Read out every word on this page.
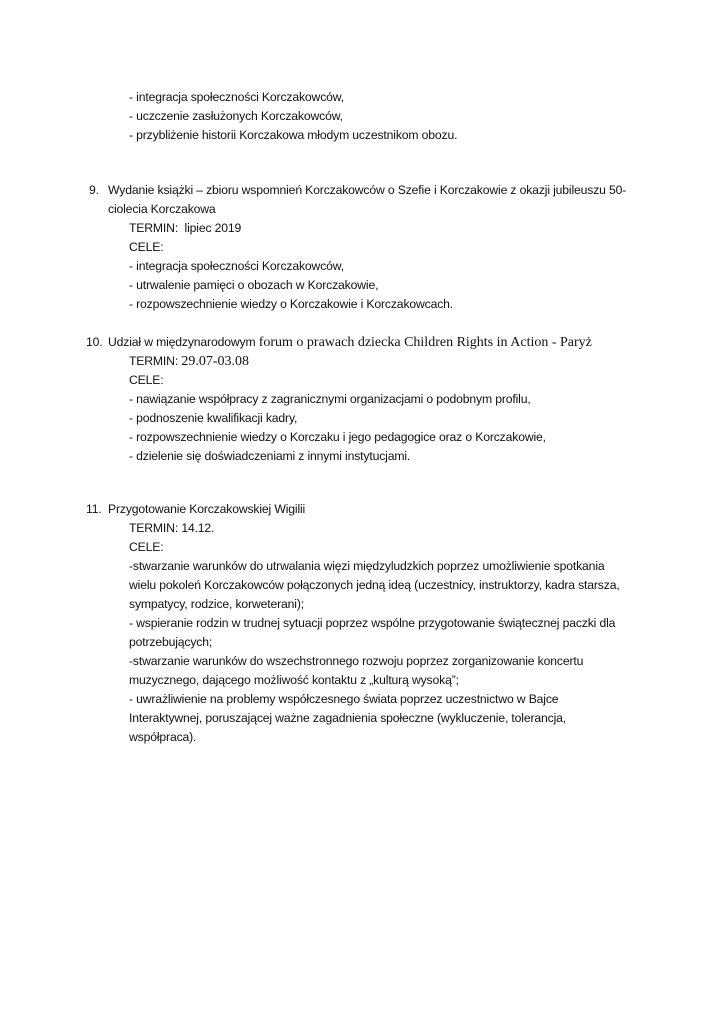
- integracja społeczności Korczakowców,
- uczczenie zasłużonych Korczakowców,
- przybliżenie historii Korczakowa młodym uczestnikom obozu.
9. Wydanie książki – zbioru wspomnień Korczakowców o Szefie i Korczakowie z okazji jubileuszu 50-
ciolecia Korczakowa
TERMIN: lipiec 2019
CELE:
- integracja społeczności Korczakowców,
- utrwalenie pamięci o obozach w Korczakowie,
- rozpowszechnienie wiedzy o Korczakowie i Korczakowcach.
10. Udział w międzynarodowym forum o prawach dziecka Children Rights in Action - Paryż
TERMIN: 29.07-03.08
CELE:
- nawiązanie współpracy z zagranicznymi organizacjami o podobnym profilu,
- podnoszenie kwalifikacji kadry,
- rozpowszechnienie wiedzy o Korczaku i jego pedagogice oraz o Korczakowie,
- dzielenie się doświadczeniami z innymi instytucjami.
11. Przygotowanie Korczakowskiej Wigilii
TERMIN: 14.12.
CELE:
-stwarzanie warunków do utrwalania więzi międzyludzkich poprzez umożliwienie spotkania
wielu pokoleń Korczakowców połączonych jedną ideą (uczestnicy, instruktorzy, kadra starsza,
sympatycy, rodzice, korweterani);
- wspieranie rodzin w trudnej sytuacji poprzez wspólne przygotowanie świątecznej paczki dla
potrzebujących;
-stwarzanie warunków do wszechstronnego rozwoju poprzez zorganizowanie koncertu
muzycznego, dającego możliwość kontaktu z „kulturą wysoką”;
- uwrażliwienie na problemy współczesnego świata poprzez uczestnictwo w Bajce
Interaktywnej, poruszającej ważne zagadnienia społeczne (wykluczenie, tolerancja,
współpraca).
